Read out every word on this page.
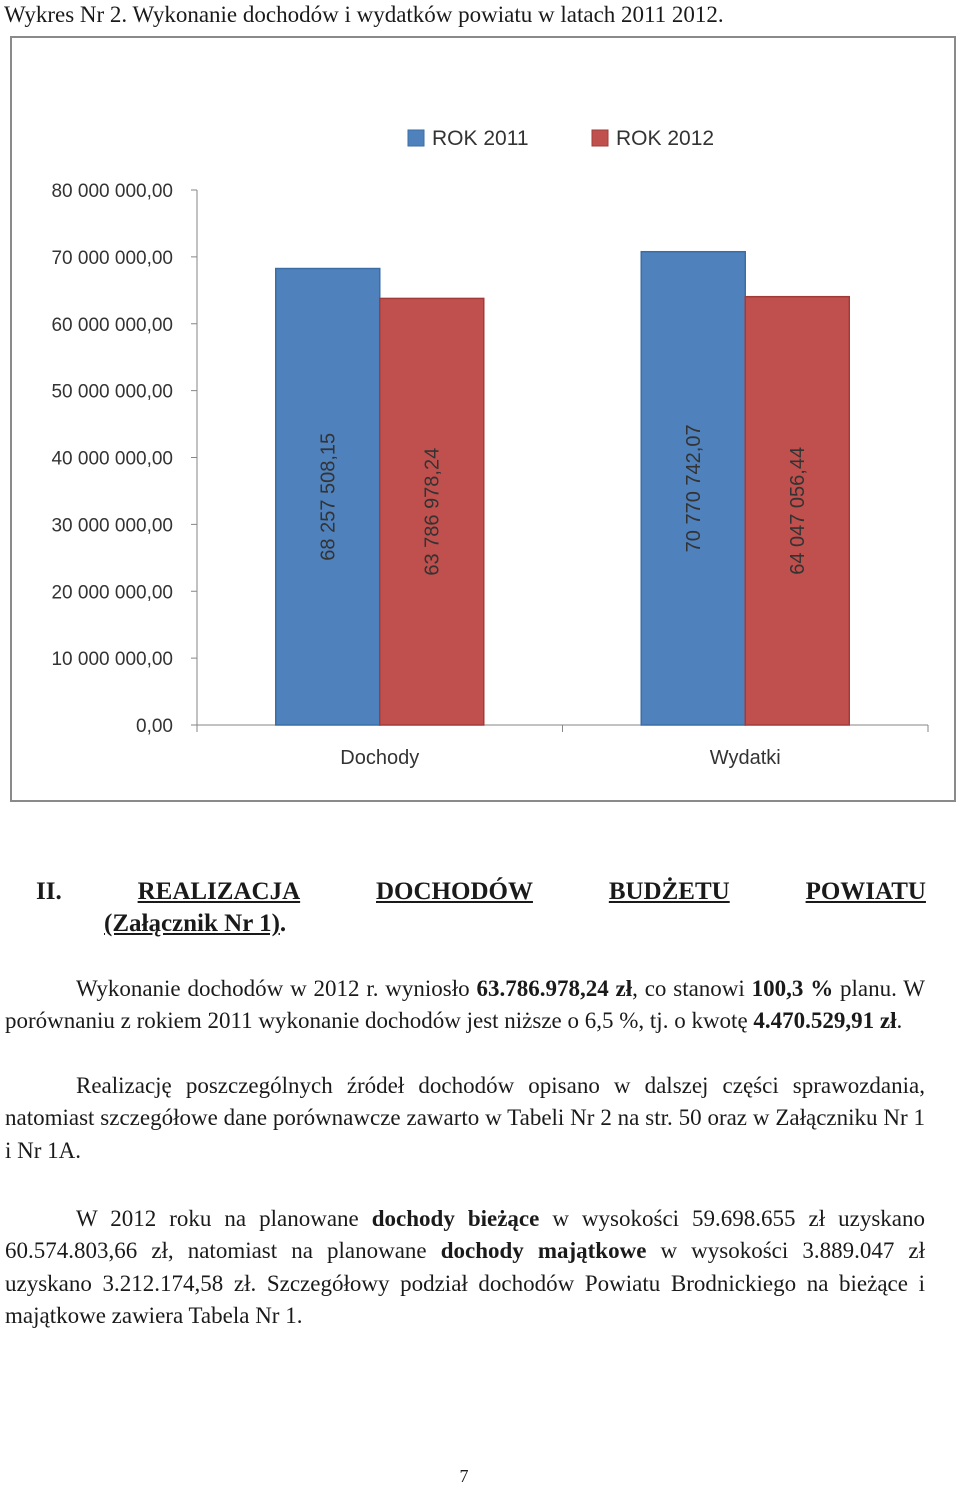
Wykres Nr 2. Wykonanie dochodów i wydatków powiatu w latach 2011 2012.
0,00
10 000 000,00
20 000 000,00
30 000 000,00
40 000 000,00
50 000 000,00
60 000 000,00
70 000 000,00
80 000 000,00
Dochody
68 257 508,15	63 786 978,24
Wydatki
70 770 742,07	64 047 056,44
ROK 2011	ROK 2012
II.	REALIZACJA	DOCHODÓW	BUDŻETU	POWIATU
(Załącznik Nr 1).
Wykonanie dochodów w 2012 r. wyniosło 63.786.978,24 zł, co stanowi 100,3 % planu. W porównaniu z rokiem 2011 wykonanie dochodów jest niższe o 6,5 %, tj. o kwotę 4.470.529,91 zł.
Realizację poszczególnych źródeł dochodów opisano w dalszej części sprawozdania, natomiast szczegółowe dane porównawcze zawarto w Tabeli Nr 2 na str. 50 oraz w Załączniku Nr 1 i Nr 1A.
W 2012 roku na planowane dochody bieżące w wysokości 59.698.655 zł uzyskano 60.574.803,66 zł, natomiast na planowane dochody majątkowe w wysokości 3.889.047 zł uzyskano 3.212.174,58 zł. Szczegółowy podział dochodów Powiatu Brodnickiego na bieżące i majątkowe zawiera Tabela Nr 1.
7
